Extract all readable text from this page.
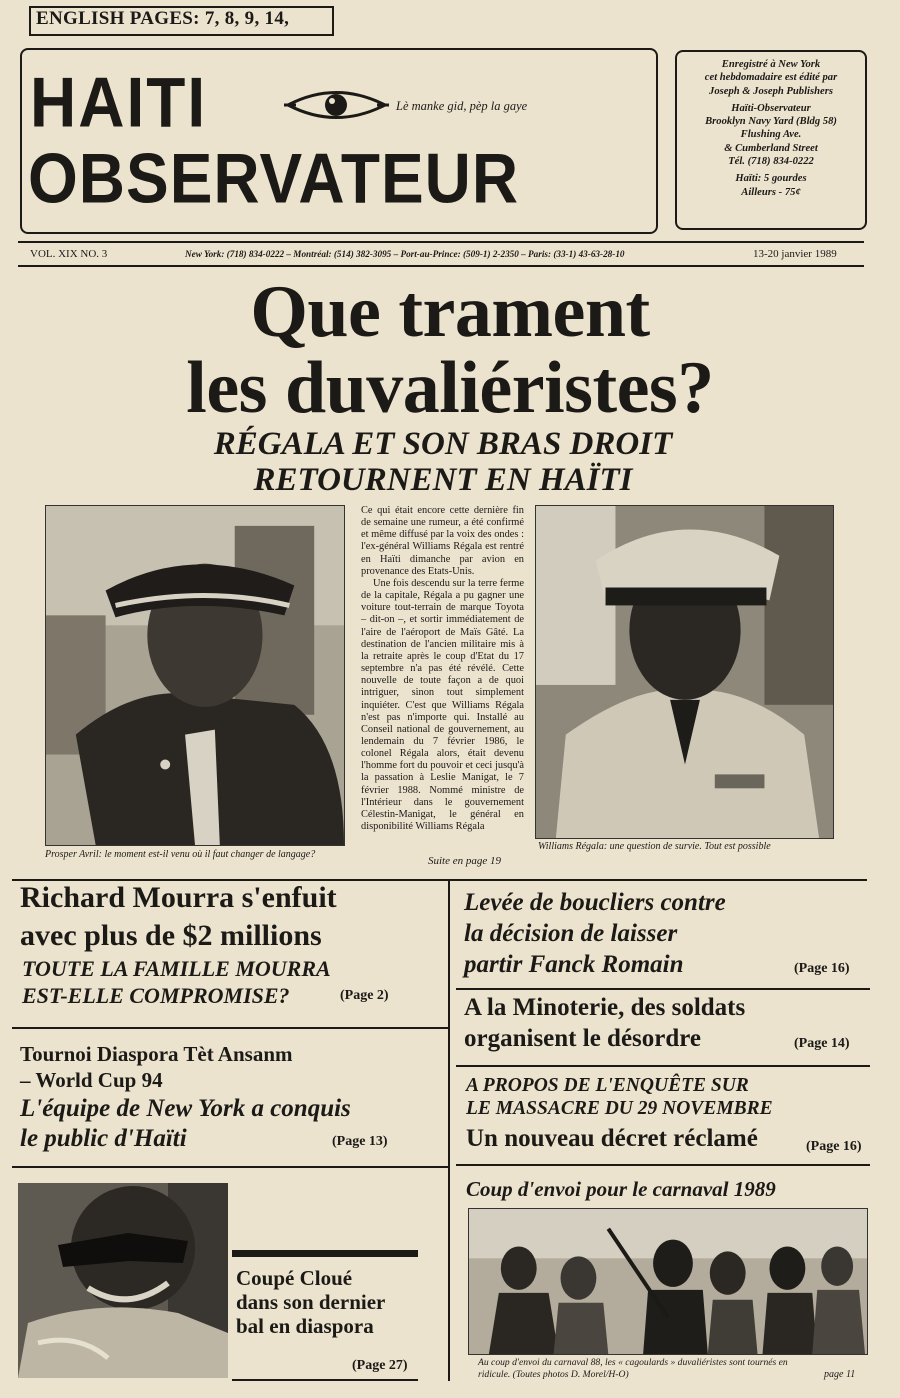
ENGLISH PAGES: 7, 8, 9, 14,
HAITI
OBSERVATEUR
Lè manke gid, pèp la gaye
Enregistré à New York
cet hebdomadaire est édité par
Joseph & Joseph Publishers
Haïti-Observateur
Brooklyn Navy Yard (Bldg 58)
Flushing Ave.
& Cumberland Street
Tél. (718) 834-0222
Haïti: 5 gourdes
Ailleurs - 75¢
VOL. XIX NO. 3	New York: (718) 834-0222 – Montréal: (514) 382-3095 – Port-au-Prince: (509-1) 2-2350 – Paris: (33-1) 43-63-28-10	13-20 janvier 1989
Que trament
les duvaliéristes?
RÉGALA ET SON BRAS DROIT
RETOURNENT EN HAÏTI
Prosper Avril: le moment est-il venu où il faut changer de langage?

Ce qui était encore cette dernière fin de semaine une rumeur, a été confirmé et même diffusé par la voix des ondes : l'ex-général Williams Régala est rentré en Haïti dimanche par avion en provenance des Etats-Unis.

Une fois descendu sur la terre ferme de la capitale, Régala a pu gagner une voiture tout-terrain de marque Toyota – dit-on –, et sortir immédiatement de l'aire de l'aéroport de Maïs Gâté. La destination de l'ancien militaire mis à la retraite après le coup d'Etat du 17 septembre n'a pas été révélé. Cette nouvelle de toute façon a de quoi intriguer, sinon tout simplement inquiéter. C'est que Williams Régala n'est pas n'importe qui. Installé au Conseil national de gouvernement, au lendemain du 7 février 1986, le colonel Régala alors, était devenu l'homme fort du pouvoir et ceci jusqu'à la passation à Leslie Manigat, le 7 février 1988. Nommé ministre de l'Intérieur dans le gouvernement Célestin-Manigat, le général en disponibilité Williams Régala

Suite en page 19
Williams Régala: une question de survie. Tout est possible
Richard Mourra s'enfuit
avec plus de $2 millions
TOUTE LA FAMILLE MOURRA
EST-ELLE COMPROMISE?	(Page 2)
Tournoi Diaspora Tèt Ansanm
– World Cup 94
L'équipe de New York a conquis
le public d'Haïti	(Page 13)
Coupé Cloué
dans son dernier
bal en diaspora
(Page 27)
Levée de boucliers contre
la décision de laisser
partir Fanck Romain	(Page 16)
A la Minoterie, des soldats
organisent le désordre	(Page 14)
A PROPOS DE L'ENQUÊTE SUR
LE MASSACRE DU 29 NOVEMBRE
Un nouveau décret réclamé	(Page 16)
Coup d'envoi pour le carnaval 1989
Au coup d'envoi du carnaval 88, les « cagoulards » duvaliéristes sont tournés en
ridicule. (Toutes photos D. Morel/H-O)	page 11
